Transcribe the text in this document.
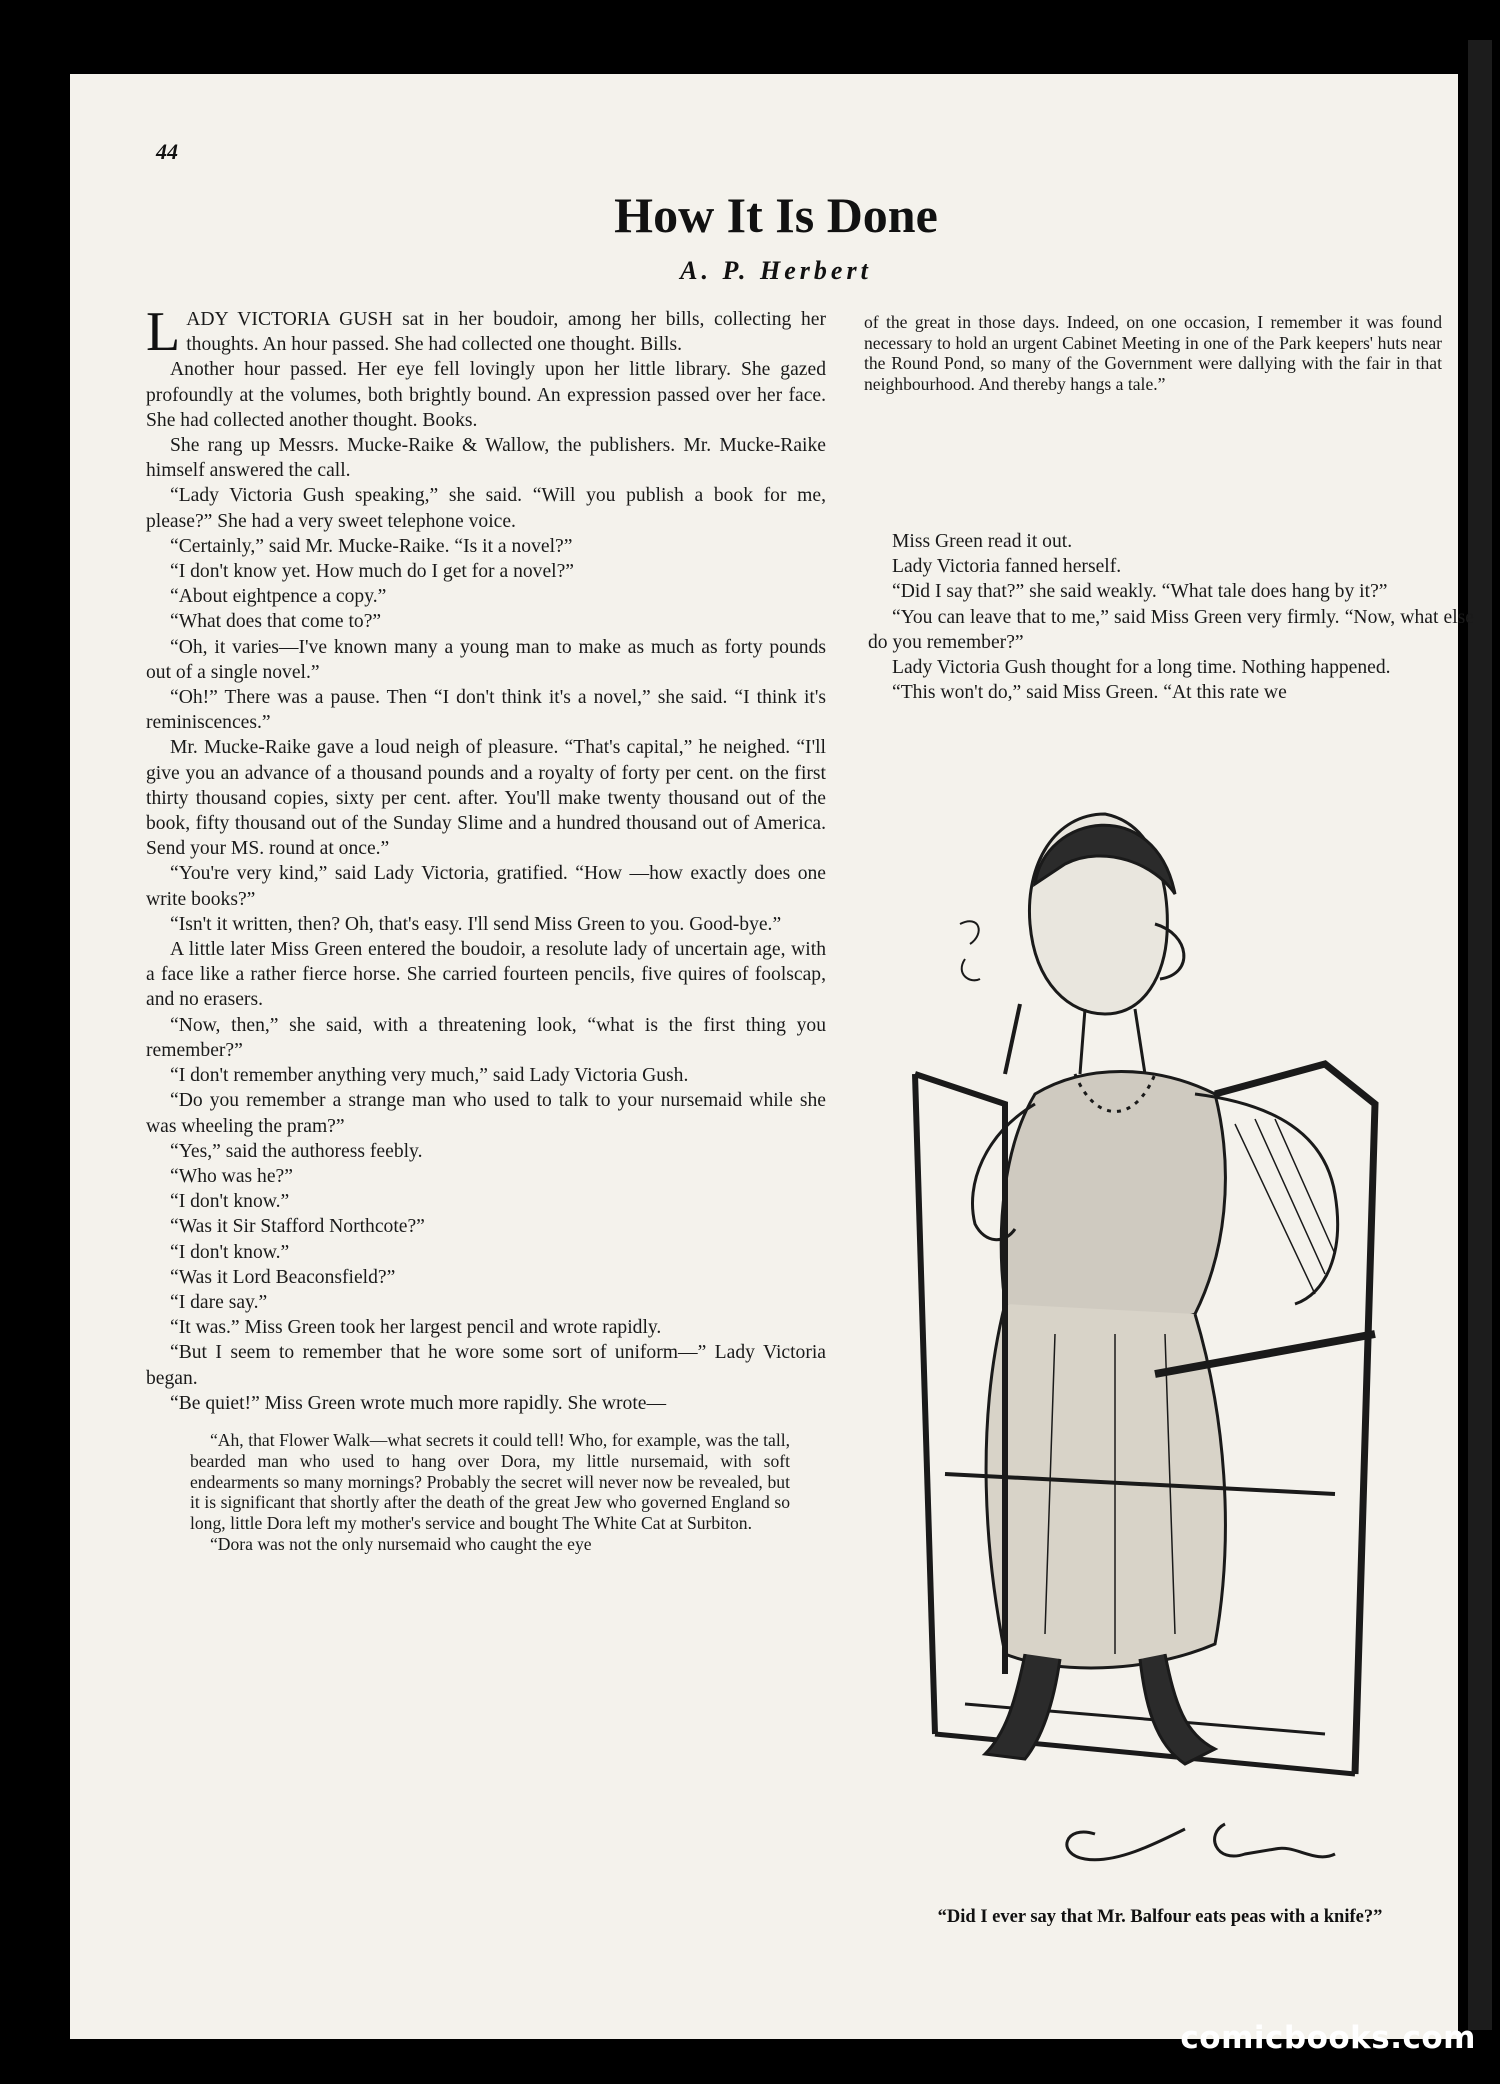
44
How It Is Done
A. P. Herbert

LADY VICTORIA GUSH sat in her boudoir, among her bills, collecting her thoughts. An hour passed. She had collected one thought. Bills.

Another hour passed. Her eye fell lovingly upon her little library. She gazed profoundly at the volumes, both brightly bound. An expression passed over her face. She had collected another thought. Books.

She rang up Messrs. Mucke-Raike & Wallow, the publishers. Mr. Mucke-Raike himself answered the call.

“Lady Victoria Gush speaking,” she said. “Will you publish a book for me, please?” She had a very sweet telephone voice.

“Certainly,” said Mr. Mucke-Raike. “Is it a novel?”

“I don't know yet. How much do I get for a novel?”

“About eightpence a copy.”

“What does that come to?”

“Oh, it varies—I've known many a young man to make as much as forty pounds out of a single novel.”

“Oh!” There was a pause. Then “I don't think it's a novel,” she said. “I think it's reminiscences.”

Mr. Mucke-Raike gave a loud neigh of pleasure. “That's capital,” he neighed. “I'll give you an advance of a thousand pounds and a royalty of forty per cent. on the first thirty thousand copies, sixty per cent. after. You'll make twenty thousand out of the book, fifty thousand out of the Sunday Slime and a hundred thousand out of America. Send your MS. round at once.”

“You're very kind,” said Lady Victoria, gratified. “How —how exactly does one write books?”

“Isn't it written, then? Oh, that's easy. I'll send Miss Green to you. Good-bye.”

A little later Miss Green entered the boudoir, a resolute lady of uncertain age, with a face like a rather fierce horse. She carried fourteen pencils, five quires of foolscap, and no erasers.

“Now, then,” she said, with a threatening look, “what is the first thing you remember?”

“I don't remember anything very much,” said Lady Victoria Gush.

“Do you remember a strange man who used to talk to your nursemaid while she was wheeling the pram?”

“Yes,” said the authoress feebly.

“Who was he?”

“I don't know.”

“Was it Sir Stafford Northcote?”

“I don't know.”

“Was it Lord Beaconsfield?”

“I dare say.”

“It was.” Miss Green took her largest pencil and wrote rapidly.

“But I seem to remember that he wore some sort of uniform—” Lady Victoria began.

“Be quiet!” Miss Green wrote much more rapidly. She wrote—

“Ah, that Flower Walk—what secrets it could tell! Who, for example, was the tall, bearded man who used to hang over Dora, my little nursemaid, with soft endearments so many mornings? Probably the secret will never now be revealed, but it is significant that shortly after the death of the great Jew who governed England so long, little Dora left my mother's service and bought The White Cat at Surbiton.

“Dora was not the only nursemaid who caught the eye

of the great in those days. Indeed, on one occasion, I remember it was found necessary to hold an urgent Cabinet Meeting in one of the Park keepers' huts near the Round Pond, so many of the Government were dallying with the fair in that neighbourhood. And thereby hangs a tale.”

Miss Green read it out.

Lady Victoria fanned herself.

“Did I say that?” she said weakly. “What tale does hang by it?”

“You can leave that to me,” said Miss Green very firmly. “Now, what else do you remember?”

Lady Victoria Gush thought for a long time. Nothing happened.

“This won't do,” said Miss Green. “At this rate we

“Did I ever say that Mr. Balfour eats peas with a knife?”
comicbooks.com
